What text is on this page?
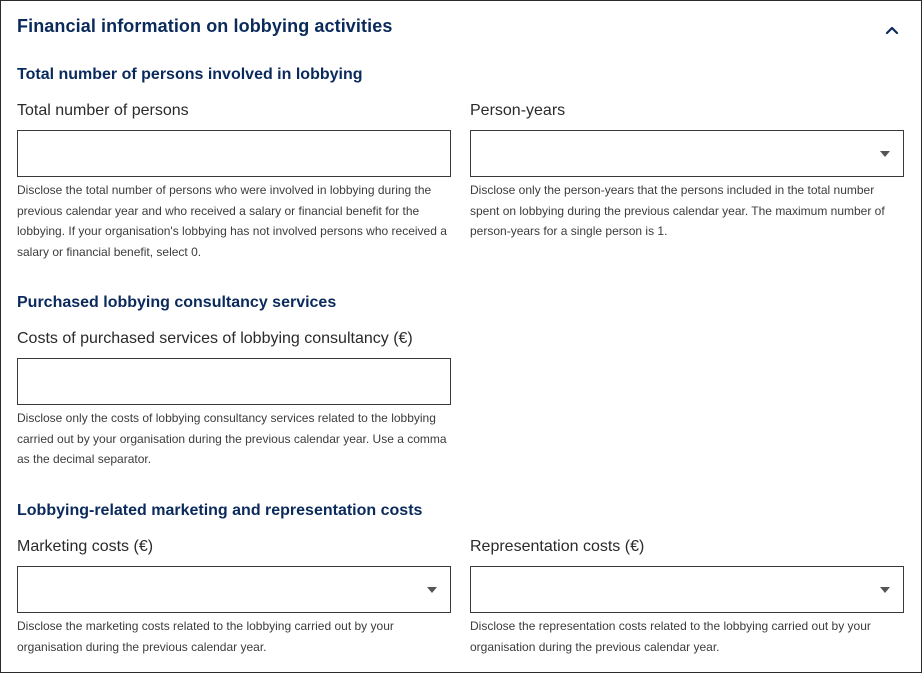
Financial information on lobbying activities
Total number of persons involved in lobbying
Total number of persons
Disclose the total number of persons who were involved in lobbying during the previous calendar year and who received a salary or financial benefit for the lobbying. If your organisation's lobbying has not involved persons who received a salary or financial benefit, select 0.
Person-years
Disclose only the person-years that the persons included in the total number spent on lobbying during the previous calendar year. The maximum number of person-years for a single person is 1.
Purchased lobbying consultancy services
Costs of purchased services of lobbying consultancy (€)
Disclose only the costs of lobbying consultancy services related to the lobbying carried out by your organisation during the previous calendar year. Use a comma as the decimal separator.
Lobbying-related marketing and representation costs
Marketing costs (€)
Disclose the marketing costs related to the lobbying carried out by your organisation during the previous calendar year.
Representation costs (€)
Disclose the representation costs related to the lobbying carried out by your organisation during the previous calendar year.
